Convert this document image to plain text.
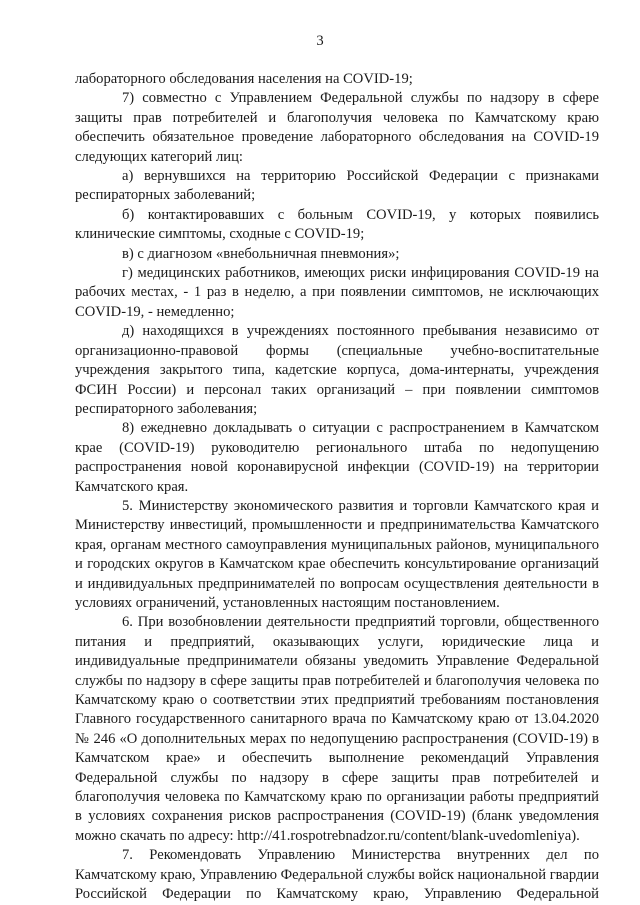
3

лабораторного обследования населения на COVID-19;

7) совместно с Управлением Федеральной службы по надзору в сфере защиты прав потребителей и благополучия человека по Камчатскому краю обеспечить обязательное проведение лабораторного обследования на COVID-19 следующих категорий лиц:

а) вернувшихся на территорию Российской Федерации с признаками респираторных заболеваний;

б) контактировавших с больным COVID-19, у которых появились клинические симптомы, сходные с COVID-19;

в) с диагнозом «внебольничная пневмония»;

г) медицинских работников, имеющих риски инфицирования COVID-19 на рабочих местах, - 1 раз в неделю, а при появлении симптомов, не исключающих COVID-19, - немедленно;

д) находящихся в учреждениях постоянного пребывания независимо от организационно-правовой формы (специальные учебно-воспитательные учреждения закрытого типа, кадетские корпуса, дома-интернаты, учреждения ФСИН России) и персонал таких организаций – при появлении симптомов респираторного заболевания;

8) ежедневно докладывать о ситуации с распространением в Камчатском крае (COVID-19) руководителю регионального штаба по недопущению распространения новой коронавирусной инфекции (COVID-19) на территории Камчатского края.

5. Министерству экономического развития и торговли Камчатского края и Министерству инвестиций, промышленности и предпринимательства Камчатского края, органам местного самоуправления муниципальных районов, муниципального и городских округов в Камчатском крае обеспечить консультирование организаций и индивидуальных предпринимателей по вопросам осуществления деятельности в условиях ограничений, установленных настоящим постановлением.

6. При возобновлении деятельности предприятий торговли, общественного питания и предприятий, оказывающих услуги, юридические лица и индивидуальные предприниматели обязаны уведомить Управление Федеральной службы по надзору в сфере защиты прав потребителей и благополучия человека по Камчатскому краю о соответствии этих предприятий требованиям постановления Главного государственного санитарного врача по Камчатскому краю от 13.04.2020 № 246 «О дополнительных мерах по недопущению распространения (COVID-19) в Камчатском крае» и обеспечить выполнение рекомендаций Управления Федеральной службы по надзору в сфере защиты прав потребителей и благополучия человека по Камчатскому краю по организации работы предприятий в условиях сохранения рисков распространения (COVID-19) (бланк уведомления можно скачать по адресу: http://41.rospotrebnadzor.ru/content/blank-uvedomleniya).

7. Рекомендовать Управлению Министерства внутренних дел по Камчатскому краю, Управлению Федеральной службы войск национальной гвардии Российской Федерации по Камчатскому краю, Управлению Федеральной
